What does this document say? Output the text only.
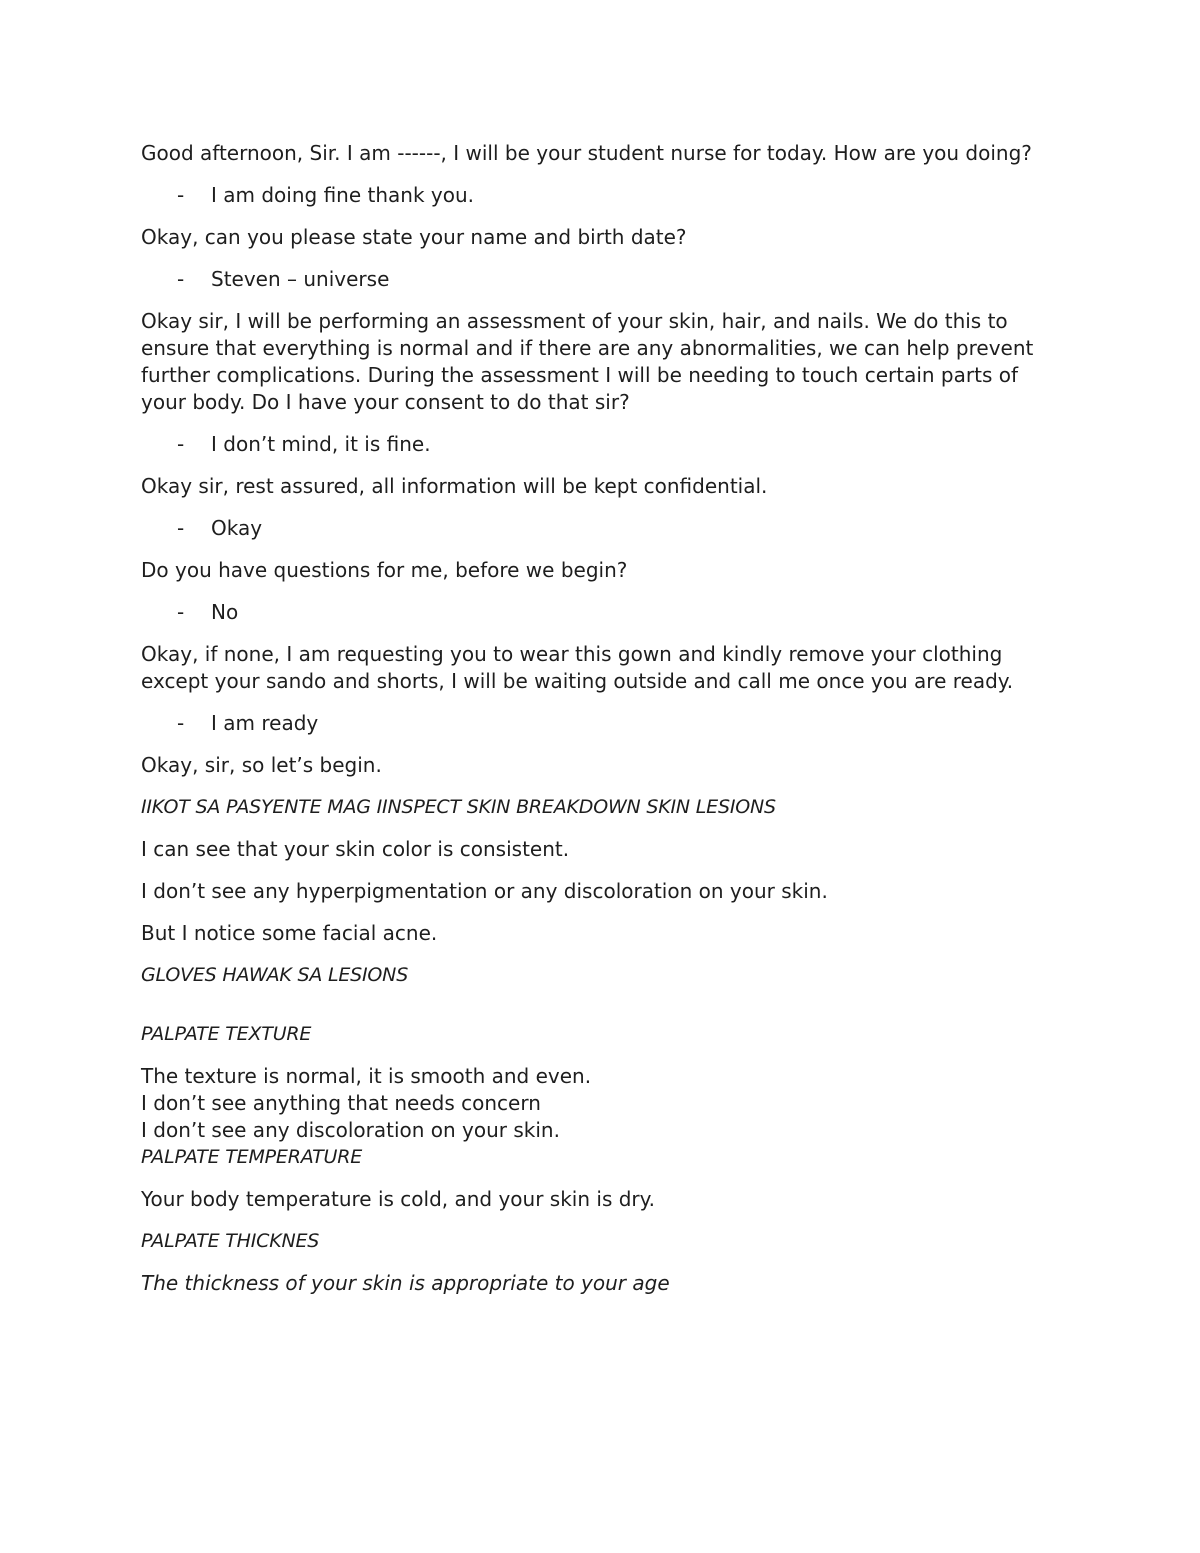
Good afternoon, Sir. I am ------, I will be your student nurse for today. How are you doing?

- I am doing fine thank you.

Okay, can you please state your name and birth date?

- Steven – universe

Okay sir, I will be performing an assessment of your skin, hair, and nails. We do this to ensure that everything is normal and if there are any abnormalities, we can help prevent further complications. During the assessment I will be needing to touch certain parts of your body. Do I have your consent to do that sir?

- I don’t mind, it is fine.

Okay sir, rest assured, all information will be kept confidential.

- Okay

Do you have questions for me, before we begin?

- No

Okay, if none, I am requesting you to wear this gown and kindly remove your clothing except your sando and shorts, I will be waiting outside and call me once you are ready.

- I am ready

Okay, sir, so let’s begin.

IIKOT SA PASYENTE MAG IINSPECT SKIN BREAKDOWN SKIN LESIONS

I can see that your skin color is consistent.

I don’t see any hyperpigmentation or any discoloration on your skin.

But I notice some facial acne.

GLOVES HAWAK SA LESIONS

PALPATE TEXTURE

The texture is normal, it is smooth and even.

I don’t see anything that needs concern

I don’t see any discoloration on your skin.

PALPATE TEMPERATURE

Your body temperature is cold, and your skin is dry.

PALPATE THICKNES

The thickness of your skin is appropriate to your age
